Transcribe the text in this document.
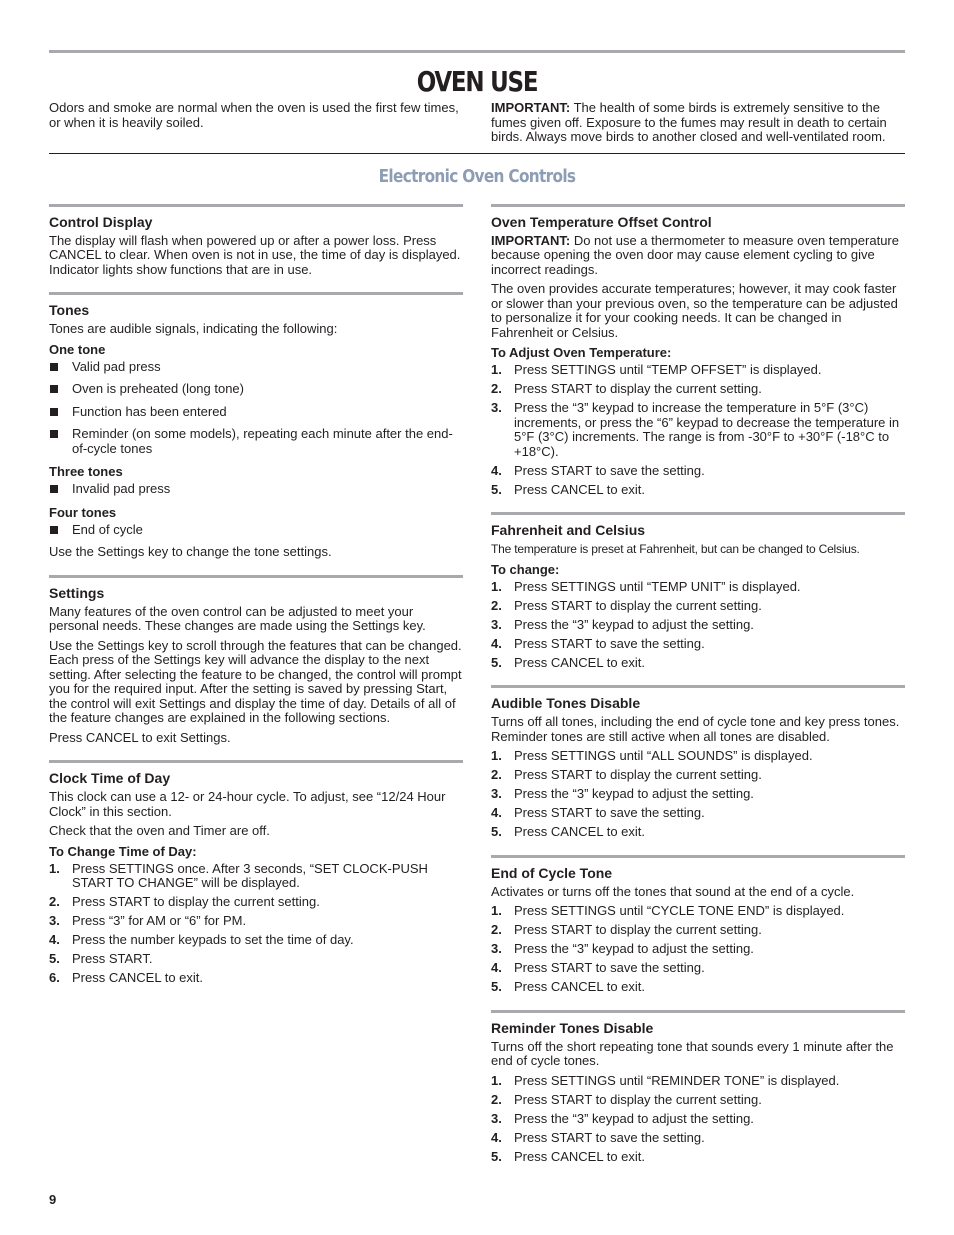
OVEN USE

Odors and smoke are normal when the oven is used the first few times, or when it is heavily soiled.

IMPORTANT: The health of some birds is extremely sensitive to the fumes given off. Exposure to the fumes may result in death to certain birds. Always move birds to another closed and well-ventilated room.

Electronic Oven Controls
Control Display

The display will flash when powered up or after a power loss. Press CANCEL to clear. When oven is not in use, the time of day is displayed. Indicator lights show functions that are in use.

Tones

Tones are audible signals, indicating the following:

One tone
Valid pad press
Oven is preheated (long tone)
Function has been entered
Reminder (on some models), repeating each minute after the end-of-cycle tones
Three tones
Invalid pad press
Four tones
End of cycle

Use the Settings key to change the tone settings.

Settings

Many features of the oven control can be adjusted to meet your personal needs. These changes are made using the Settings key.

Use the Settings key to scroll through the features that can be changed. Each press of the Settings key will advance the display to the next setting. After selecting the feature to be changed, the control will prompt you for the required input. After the setting is saved by pressing Start, the control will exit Settings and display the time of day. Details of all of the feature changes are explained in the following sections.

Press CANCEL to exit Settings.

Clock Time of Day

This clock can use a 12- or 24-hour cycle. To adjust, see “12/24 Hour Clock” in this section.

Check that the oven and Timer are off.

To Change Time of Day:
1. Press SETTINGS once. After 3 seconds, “SET CLOCK-PUSH START TO CHANGE” will be displayed.
2. Press START to display the current setting.
3. Press “3” for AM or “6” for PM.
4. Press the number keypads to set the time of day.
5. Press START.
6. Press CANCEL to exit.
Oven Temperature Offset Control

IMPORTANT: Do not use a thermometer to measure oven temperature because opening the oven door may cause element cycling to give incorrect readings.

The oven provides accurate temperatures; however, it may cook faster or slower than your previous oven, so the temperature can be adjusted to personalize it for your cooking needs. It can be changed in Fahrenheit or Celsius.

To Adjust Oven Temperature:
1. Press SETTINGS until “TEMP OFFSET” is displayed.
2. Press START to display the current setting.
3. Press the “3” keypad to increase the temperature in 5°F (3°C) increments, or press the “6” keypad to decrease the temperature in 5°F (3°C) increments. The range is from -30°F to +30°F (-18°C to +18°C).
4. Press START to save the setting.
5. Press CANCEL to exit.
Fahrenheit and Celsius

The temperature is preset at Fahrenheit, but can be changed to Celsius.

To change:
1. Press SETTINGS until “TEMP UNIT” is displayed.
2. Press START to display the current setting.
3. Press the “3” keypad to adjust the setting.
4. Press START to save the setting.
5. Press CANCEL to exit.
Audible Tones Disable

Turns off all tones, including the end of cycle tone and key press tones. Reminder tones are still active when all tones are disabled.

1. Press SETTINGS until “ALL SOUNDS” is displayed.
2. Press START to display the current setting.
3. Press the “3” keypad to adjust the setting.
4. Press START to save the setting.
5. Press CANCEL to exit.
End of Cycle Tone

Activates or turns off the tones that sound at the end of a cycle.

1. Press SETTINGS until “CYCLE TONE END” is displayed.
2. Press START to display the current setting.
3. Press the “3” keypad to adjust the setting.
4. Press START to save the setting.
5. Press CANCEL to exit.
Reminder Tones Disable

Turns off the short repeating tone that sounds every 1 minute after the end of cycle tones.

1. Press SETTINGS until “REMINDER TONE” is displayed.
2. Press START to display the current setting.
3. Press the “3” keypad to adjust the setting.
4. Press START to save the setting.
5. Press CANCEL to exit.
9
